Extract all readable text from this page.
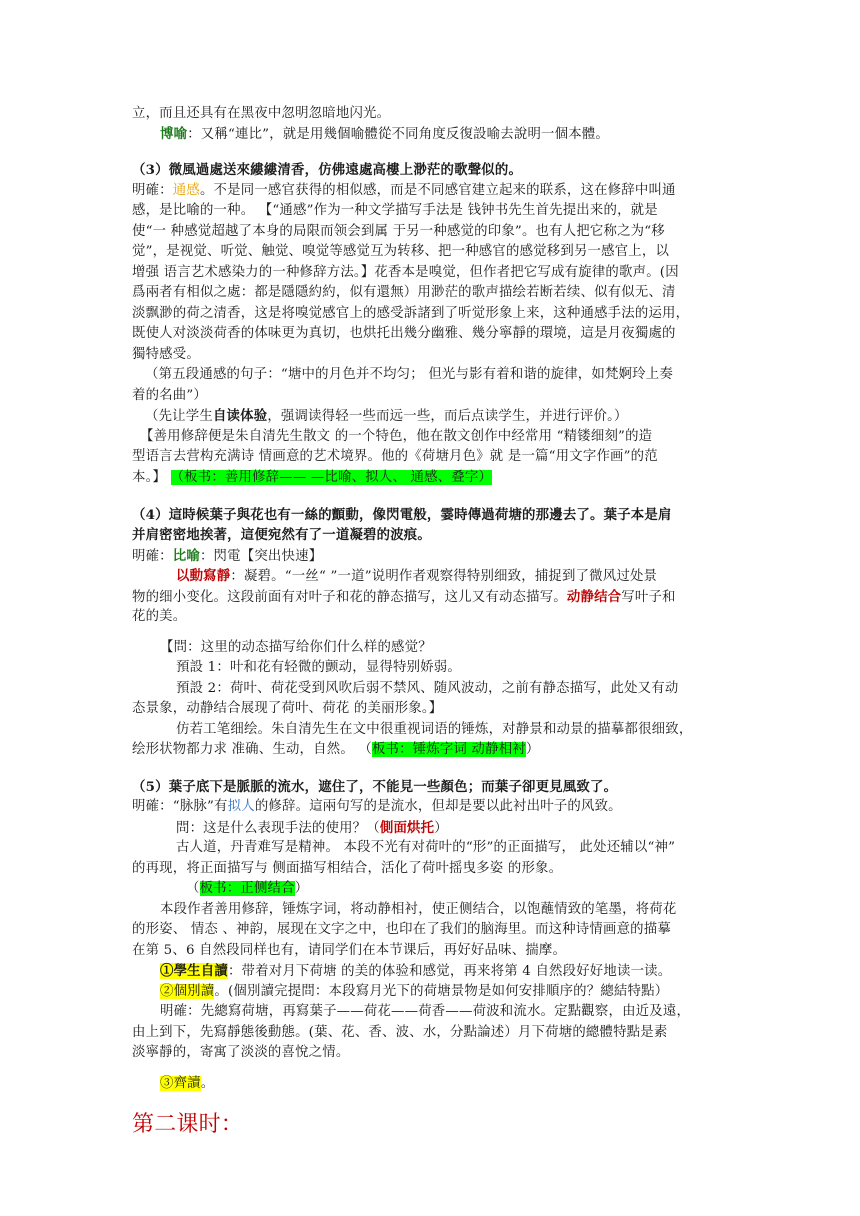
立，而且还具有在黑夜中忽明忽暗地闪光。
博喻：又稱“連比”，就是用幾個喻體從不同角度反復設喻去說明一個本體。
（3）微風過處送來縷縷清香，仿佛遠處高樓上渺茫的歌聲似的。
明確：通感。不是同一感官获得的相似感，而是不同感官建立起来的联系，这在修辞中叫通
感，是比喻的一种。 【“通感”作为一种文学描写手法是 钱钟书先生首先提出来的，就是
使“一 种感觉超越了本身的局限而领会到属 于另一种感觉的印象”。也有人把它称之为“移
觉”，是视觉、听觉、触觉、嗅觉等感觉互为转移、把一种感官的感觉移到另一感官上，以
增强 语言艺术感染力的一种修辞方法。】花香本是嗅觉，但作者把它写成有旋律的歌声。(因
爲兩者有相似之處：都是隱隱約約，似有還無）用渺茫的歌声描绘若断若续、似有似无、清
淡飘渺的荷之清香，这是将嗅觉感官上的感受訴諸到了听觉形象上来，这种通感手法的运用，
既使人对淡淡荷香的体味更为真切，也烘托出幾分幽雅、幾分寧靜的環境，這是月夜獨處的
獨特感受。
（第五段通感的句子：“塘中的月色并不均匀； 但光与影有着和谐的旋律，如梵婀玲上奏
着的名曲”）
（先让学生自读体验，强调读得轻一些而远一些，而后点读学生，并进行评价。）
【善用修辞便是朱自清先生散文 的一个特色，他在散文创作中经常用 “精镂细刻”的造
型语言去营构充满诗 情画意的艺术境界。他的《荷塘月色》就 是一篇“用文字作画”的范
本。】 （板书：善用修辞—— —比喻、拟人、 通感、叠字）
（4）這時候葉子與花也有一絲的顫動，像閃電般，霎時傳過荷塘的那邊去了。葉子本是肩
并肩密密地挨著，這便宛然有了一道凝碧的波痕。
明確：比喻：閃電【突出快速】
以動寫靜：凝碧。“一丝“ ”一道”说明作者观察得特别细致，捕捉到了微风过处景
物的细小变化。这段前面有对叶子和花的静态描写，这儿又有动态描写。动静结合写叶子和
花的美。
【問：这里的动态描写给你们什么样的感觉？
預設 1：叶和花有轻微的颤动，显得特别娇弱。
預設 2：荷叶、荷花受到风吹后弱不禁风、随风波动，之前有静态描写，此处又有动
态景象，动静结合展现了荷叶、荷花 的美丽形象。】
仿若工笔细绘。朱自清先生在文中很重视词语的锤炼，对静景和动景的描摹都很细致，
绘形状物都力求 准确、生动，自然。 （板书：锤炼字词 动静相衬）
（5）葉子底下是脈脈的流水，遮住了，不能見一些顏色；而葉子卻更見風致了。
明確：“脉脉”有拟人的修辞。這兩句写的是流水，但却是要以此衬出叶子的风致。
問：这是什么表现手法的使用？（側面烘托）
古人道，丹青难写是精神。 本段不光有对荷叶的“形”的正面描写， 此处还辅以“神”
的再现，将正面描写与 侧面描写相结合，活化了荷叶摇曳多姿 的形象。
（板书：正侧结合）
本段作者善用修辞，锤炼字词，将动静相衬，使正侧结合，以饱蘸情致的笔墨，将荷花
的形姿、 情态 、神韵，展现在文字之中，也印在了我们的脑海里。而这种诗情画意的描摹
在第 5、6 自然段同样也有，请同学们在本节课后，再好好品味、揣摩。
①學生自讀：带着对月下荷塘 的美的体验和感觉，再来将第 4 自然段好好地读一读。
②個別讀。(個別讀完提問：本段寫月光下的荷塘景物是如何安排順序的？總結特點）
明確：先總寫荷塘，再寫葉子——荷花——荷香——荷波和流水。定點觀察，由近及遠，
由上到下，先寫靜態後動態。(葉、花、香、波、水，分點論述）月下荷塘的總體特點是素
淡寧靜的，寄寓了淡淡的喜悅之情。
③齊讀。
第二课时：
